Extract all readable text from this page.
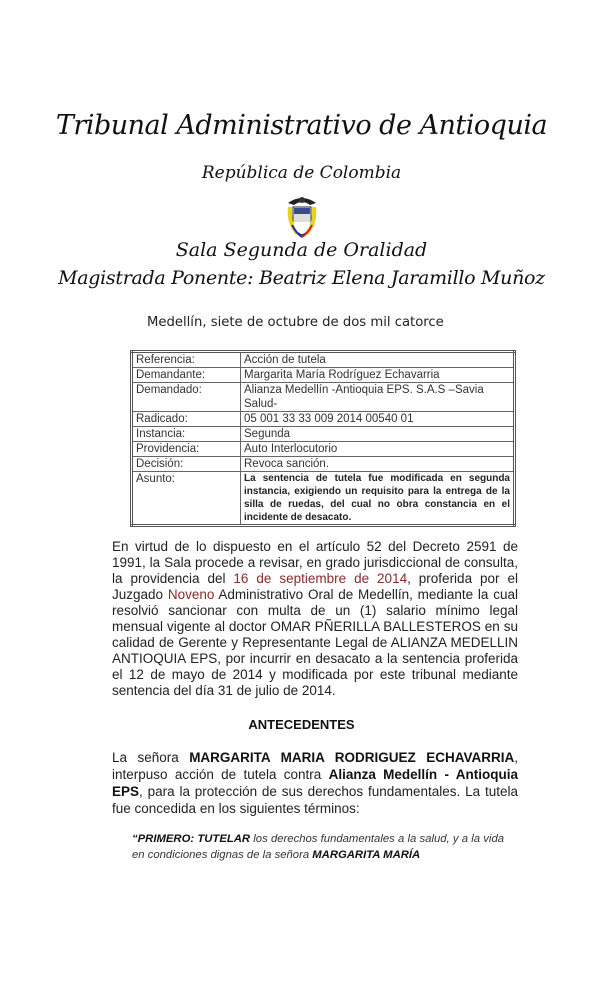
Tribunal Administrativo de Antioquia
República de Colombia
Sala Segunda de Oralidad
Magistrada Ponente: Beatriz Elena Jaramillo Muñoz
Medellín, siete de octubre de dos mil catorce
Referencia:	Acción de tutela
Demandante:	Margarita María Rodríguez Echavarria
Demandado:	Alianza Medellín -Antioquia EPS. S.A.S –Savia Salud-
Radicado:	05 001 33 33 009 2014 00540 01
Instancia:	Segunda
Providencia:	Auto Interlocutorio
Decisión:	Revoca sanción.
Asunto:	La sentencia de tutela fue modificada en segunda instancia, exigiendo un requisito para la entrega de la silla de ruedas, del cual no obra constancia en el incidente de desacato.
En virtud de lo dispuesto en el artículo 52 del Decreto 2591 de 1991, la Sala procede a revisar, en grado jurisdiccional de consulta, la providencia del 16 de septiembre de 2014, proferida por el Juzgado Noveno Administrativo Oral de Medellín, mediante la cual resolvió sancionar con multa de un (1) salario mínimo legal mensual vigente al doctor OMAR PÑERILLA BALLESTEROS en su calidad de Gerente y Representante Legal de ALIANZA MEDELLIN ANTIOQUIA EPS, por incurrir en desacato a la sentencia proferida el 12 de mayo de 2014 y modificada por este tribunal mediante sentencia del día 31 de julio de 2014.
ANTECEDENTES
La señora MARGARITA MARIA RODRIGUEZ ECHAVARRIA, interpuso acción de tutela contra Alianza Medellín - Antioquia EPS, para la protección de sus derechos fundamentales. La tutela fue concedida en los siguientes términos:
“PRIMERO: TUTELAR los derechos fundamentales a la salud, y a la vida en condiciones dignas de la señora MARGARITA MARÍA
